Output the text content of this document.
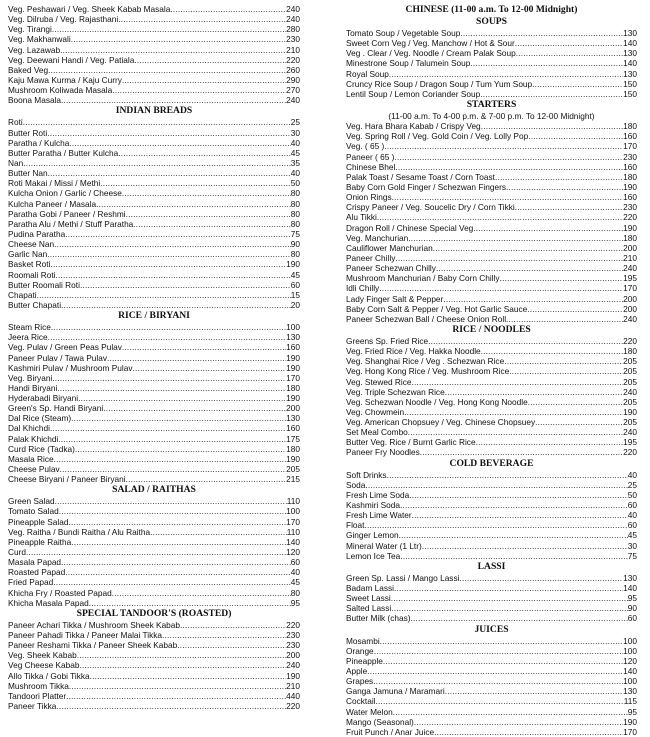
Veg. Peshawari / Veg. Sheek Kabab Masala .....	240
Veg. Dilruba / Veg. Rajasthani .....	240
Veg. Tirangi .....	280
Veg. Makhanwali .....	230
Veg. Lazawab .....	210
Veg. Deewani Handi / Veg. Patiala .....	220
Baked Veg .....	260
Kaju Mawa Kurma / Kaju Curry .....	290
Mushroom Koliwada Masala .....	270
Boona Masala .....	240
INDIAN BREADS
Roti .....	25
Butter Roti .....	30
Paratha / Kulcha .....	40
Butter Paratha / Butter Kulcha .....	45
Nan .....	35
Butter Nan .....	40
Roti Makai / Missi / Methi .....	50
Kulcha Onion / Garlic / Cheese .....	80
Kulcha Paneer / Masala .....	80
Paratha Gobi / Paneer / Reshmi .....	80
Paratha Alu / Methi / Stuff Paratha .....	80
Pudina Paratha .....	75
Cheese Nan .....	90
Garlic Nan .....	80
Basket Roti .....	190
Roomali Roti .....	45
Butter Roomali Roti .....	60
Chapati .....	15
Butter Chapati .....	20
RICE / BIRYANI
Steam Rice .....	100
Jeera Rice .....	130
Veg. Pulav / Green Peas Pulav .....	160
Paneer Pulav / Tawa Pulav .....	190
Kashmiri Pulav / Mushroom Pulav .....	190
Veg. Biryani .....	170
Handi Biryani .....	180
Hyderabadi Biryani .....	190
Green's Sp. Handi Biryani .....	200
Dal Rice (Steam) .....	130
Dal Khichdi .....	160
Palak Khichdi .....	175
Curd Rice (Tadka) .....	180
Masala Rice .....	190
Cheese Pulav .....	205
Cheese Biryani / Paneer Biryani .....	215
SALAD / RAITHAS
Green Salad .....	110
Tomato Salad .....	100
Pineapple Salad .....	170
Veg. Raitha / Bundi Raitha / Alu Raitha .....	110
Pineapple Raitha .....	140
Curd .....	120
Masala Papad .....	60
Roasted Papad .....	40
Fried Papad .....	45
Khicha Fry / Roasted Papad .....	80
Khicha Masala Papad .....	95
SPECIAL TANDOOR'S (ROASTED)
Paneer Achari Tikka / Mushroom Sheek Kabab .....	220
Paneer Pahadi Tikka / Paneer Malai Tikka .....	230
Paneer Reshami Tikka / Paneer Sheek Kabab .....	230
Veg. Sheek Kabab .....	200
Veg Cheese Kabab .....	240
Allo Tikka / Gobi Tikka .....	190
Mushroom Tikka .....	210
Tandoori Platter .....	440
Paneer Tikka .....	220
CHINESE (11-00 a.m. To 12-00 Midnight)
SOUPS
Tomato Soup / Vegetable Soup .....	130
Sweet Corn Veg / Veg. Manchow / Hot & Sour .....	140
Veg . Clear / Veg. Noodle / Cream Palak Soup .....	130
Minestrone Soup / Talumein Soup .....	140
Royal Soup .....	130
Cruncy Rice Soup / Dragon Soup / Tum Yum Soup .....	150
Lentil Soup / Lemon Coriander Soup .....	150
STARTERS
(11-00 a.m. To 4-00 p.m. & 7-00 p.m. To 12-00 Midnight)
Veg. Hara Bhara Kabab / Crispy Veg .....	180
Veg. Spring Roll / Veg. Gold Coin / Veg. Lolly Pop .....	160
Veg. ( 65 ) .....	170
Paneer ( 65 ) .....	230
Chinese Bhel .....	160
Palak Toast / Sesame Toast / Corn Toast .....	180
Baby Corn Gold Finger / Schezwan Fingers .....	190
Onion Rings .....	160
Crispy Paneer / Veg. Soucelic Dry / Corn Tikki .....	230
Alu Tikki .....	220
Dragon Roll / Chinese Special Veg .....	190
Veg. Manchurian .....	180
Cauliflower Manchurian .....	200
Paneer Chilly .....	210
Paneer Schezwan Chilly .....	240
Mushroom Manchurian / Baby Corn Chilly .....	195
Idli Chilly .....	170
Lady Finger Salt & Pepper .....	200
Baby Corn Salt & Pepper / Veg. Hot Garlic Sauce .....	200
Paneer Schezwan Ball / Cheese Onion Roll .....	240
RICE / NOODLES
Greens Sp. Fried Rice .....	220
Veg. Fried Rice / Veg. Hakka Noodle .....	180
Veg. Shanghai Rice / Veg . Schezwan Rice .....	205
Veg. Hong Kong Rice / Veg. Mushroom Rice .....	205
Veg. Stewed Rice .....	205
Veg. Triple Schezwan Rice .....	240
Veg. Schezwan Noodle / Veg. Hong Kong Noodle .....	205
Veg. Chowmein .....	190
Veg. American Chopsuey / Veg. Chinese Chopsuey .....	205
Set Meal Combo .....	240
Butter Veg. Rice / Burnt Garlic Rice .....	195
Paneer Fry Noodles .....	220
COLD BEVERAGE
Soft Drinks .....	40
Soda .....	25
Fresh Lime Soda .....	50
Kashmiri Soda .....	60
Fresh Lime Water .....	40
Float .....	60
Ginger Lemon .....	45
Mineral Water (1 Ltr) .....	30
Lemon Ice Tea .....	75
LASSI
Green Sp. Lassi / Mango Lassi .....	130
Badam Lassi .....	140
Sweet Lassi .....	95
Salted Lassi .....	90
Butter Milk (chas) .....	60
JUICES
Mosambi .....	100
Orange .....	100
Pineapple .....	120
Apple .....	140
Grapes .....	100
Ganga Jamuna / Maramari .....	130
Cocktail .....	115
Water Melon .....	95
Mango (Seasonal) .....	190
Fruit Punch / Anar Juice .....	170
